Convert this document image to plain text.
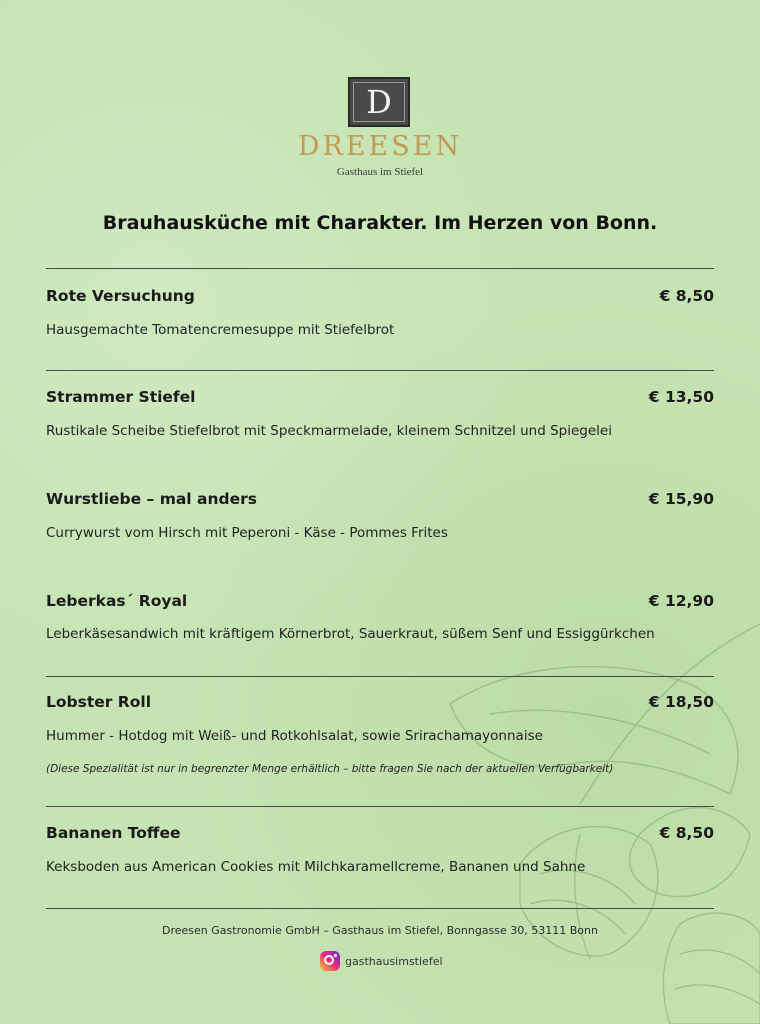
D
DREESEN
Gasthaus im Stiefel
Brauhausküche mit Charakter. Im Herzen von Bonn.
Rote Versuchung	€ 8,50
Hausgemachte Tomatencremesuppe mit Stiefelbrot
Strammer Stiefel	€ 13,50
Rustikale Scheibe Stiefelbrot mit Speckmarmelade, kleinem Schnitzel und Spiegelei
Wurstliebe – mal anders	€ 15,90
Currywurst vom Hirsch mit Peperoni - Käse - Pommes Frites
Leberkas´ Royal	€ 12,90
Leberkäsesandwich mit kräftigem Körnerbrot, Sauerkraut, süßem Senf und Essiggürkchen
Lobster Roll	€ 18,50
Hummer - Hotdog mit Weiß- und Rotkohlsalat, sowie Srirachamayonnaise
(Diese Spezialität ist nur in begrenzter Menge erhältlich – bitte fragen Sie nach der aktuellen Verfügbarkeit)
Bananen Toffee	€ 8,50
Keksboden aus American Cookies mit Milchkaramellcreme, Bananen und Sahne
Dreesen Gastronomie GmbH – Gasthaus im Stiefel, Bonngasse 30, 53111 Bonn
gasthausimstiefel
